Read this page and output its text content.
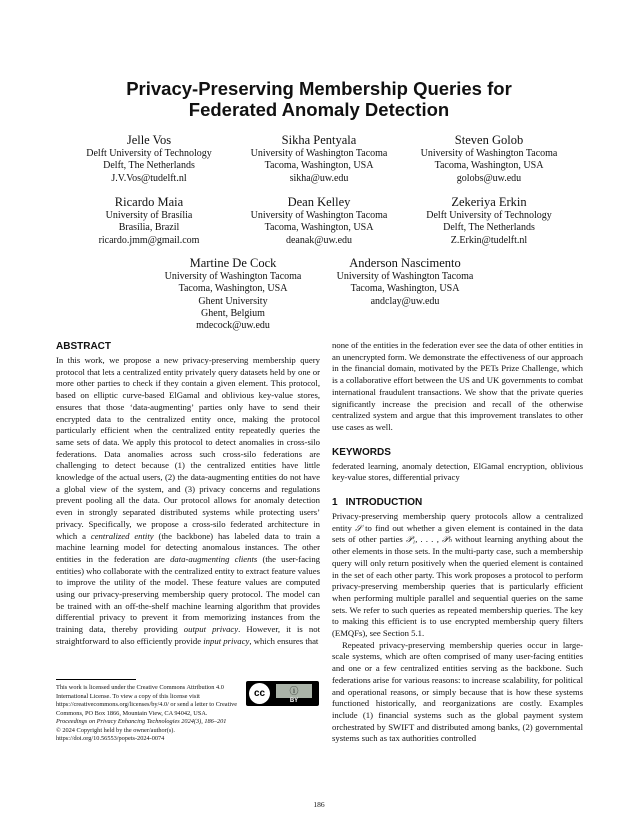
Privacy-Preserving Membership Queries for
Federated Anomaly Detection
Jelle Vos
Delft University of Technology
Delft, The Netherlands
J.V.Vos@tudelft.nl
Sikha Pentyala
University of Washington Tacoma
Tacoma, Washington, USA
sikha@uw.edu
Steven Golob
University of Washington Tacoma
Tacoma, Washington, USA
golobs@uw.edu
Ricardo Maia
University of Brasília
Brasília, Brazil
ricardo.jmm@gmail.com
Dean Kelley
University of Washington Tacoma
Tacoma, Washington, USA
deanak@uw.edu
Zekeriya Erkin
Delft University of Technology
Delft, The Netherlands
Z.Erkin@tudelft.nl
Martine De Cock
University of Washington Tacoma
Tacoma, Washington, USA
Ghent University
Ghent, Belgium
mdecock@uw.edu
Anderson Nascimento
University of Washington Tacoma
Tacoma, Washington, USA
andclay@uw.edu
ABSTRACT

In this work, we propose a new privacy-preserving membership query protocol that lets a centralized entity privately query datasets held by one or more other parties to check if they contain a given element. This protocol, based on elliptic curve-based ElGamal and oblivious key-value stores, ensures that those ‘data-augmenting’ parties only have to send their encrypted data to the centralized entity once, making the protocol particularly efficient when the centralized entity repeatedly queries the same sets of data. We apply this protocol to detect anomalies in cross-silo federations. Data anomalies across such cross-silo federations are challenging to detect because (1) the centralized entities have little knowledge of the actual users, (2) the data-augmenting entities do not have a global view of the system, and (3) privacy concerns and regulations prevent pooling all the data. Our protocol allows for anomaly detection even in strongly separated distributed systems while protecting users’ privacy. Specifically, we propose a cross-silo federated architecture in which a centralized entity (the backbone) has labeled data to train a machine learning model for detecting anomalous instances. The other entities in the federation are data-augmenting clients (the user-facing entities) who collaborate with the centralized entity to extract feature values to improve the utility of the model. These feature values are computed using our privacy-preserving membership query protocol. The model can be trained with an off-the-shelf machine learning algorithm that provides differential privacy to prevent it from memorizing instances from the training data, thereby providing output privacy. However, it is not straightforward to also efficiently provide input privacy, which ensures that

none of the entities in the federation ever see the data of other entities in an unencrypted form. We demonstrate the effectiveness of our approach in the financial domain, motivated by the PETs Prize Challenge, which is a collaborative effort between the US and UK governments to combat international fraudulent transactions. We show that the private queries significantly increase the precision and recall of the otherwise centralized system and argue that this improvement translates to other use cases as well.

KEYWORDS

federated learning, anomaly detection, ElGamal encryption, oblivious key-value stores, differential privacy

1 INTRODUCTION

Privacy-preserving membership query protocols allow a centralized entity 𝒮 to find out whether a given element is contained in the data sets of other parties 𝒫₁, . . . , 𝒫ₙ without learning anything about the other elements in those sets. In the multi-party case, such a membership query will only return positively when the queried element is contained in the set of each other party. This work proposes a protocol to perform privacy-preserving membership queries that is particularly efficient when performing multiple parallel and sequential queries on the same sets. We refer to such queries as repeated membership queries. The key to making this efficient is to use encrypted membership query filters (EMQFs), see Section 5.1.

Repeated privacy-preserving membership queries occur in large-scale systems, which are often comprised of many user-facing entities and one or a few centralized entities serving as the backbone. Such federations arise for various reasons: to increase scalability, for political and operational reasons, or simply because that is how these systems functioned historically, and reorganizations are costly. Examples include (1) financial systems such as the global payment system orchestrated by SWIFT and distributed among banks, (2) governmental systems such as tax authorities controlled

This work is licensed under the Creative Commons Attribution 4.0 International License. To view a copy of this license visit https://creativecommons.org/licenses/by/4.0/ or send a letter to Creative Commons, PO Box 1866, Mountain View, CA 94042, USA.
cc	ⓘ
BY

Proceedings on Privacy Enhancing Technologies 2024(3), 186–201

© 2024 Copyright held by the owner/author(s).

https://doi.org/10.56553/popets-2024-0074

186
